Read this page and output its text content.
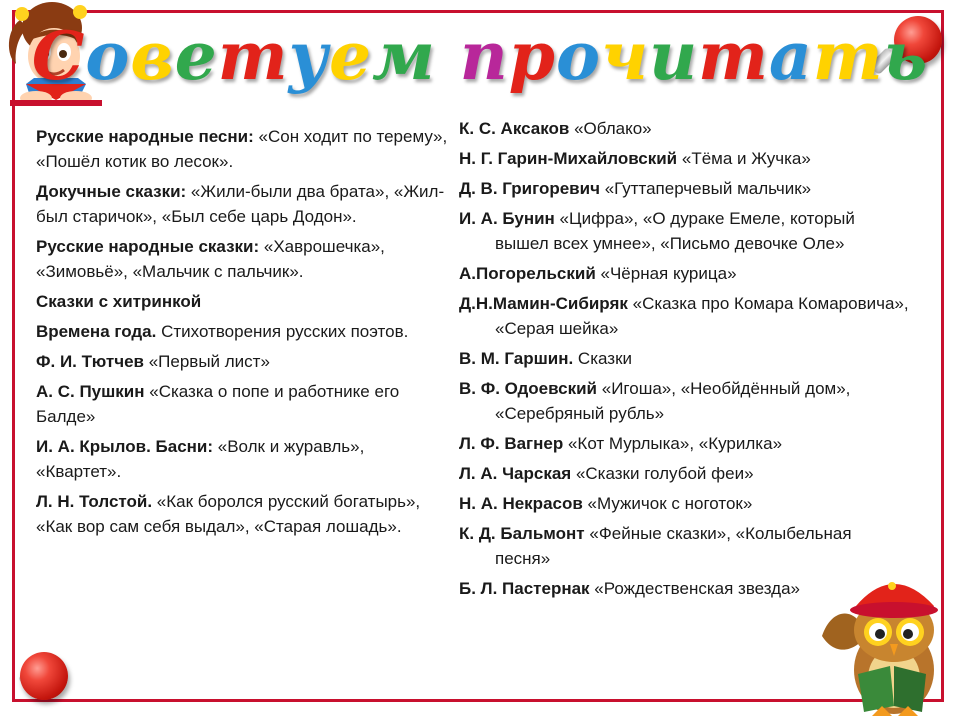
Советуем прочитать
Русские народные песни: «Сон ходит по терему», «Пошёл котик во лесок».
Докучные сказки: «Жили-были два брата», «Жил-был старичок», «Был себе царь Додон».
Русские народные сказки: «Хаврошечка», «Зимовьё», «Мальчик с пальчик».
Сказки с хитринкой
Времена года. Стихотворения русских поэтов.
Ф. И. Тютчев «Первый лист»
А. С. Пушкин «Сказка о попе и работнике его Балде»
И. А. Крылов. Басни: «Волк и журавль», «Квартет».
Л. Н. Толстой. «Как боролся русский богатырь», «Как вор сам себя выдал», «Старая лошадь».
К. С. Аксаков «Облако»
Н. Г. Гарин-Михайловский «Тёма и Жучка»
Д. В. Григоревич «Гуттаперчевый мальчик»
И. А. Бунин «Цифра», «О дураке Емеле, который вышел всех умнее», «Письмо девочке Оле»
А.Погорельский «Чёрная курица»
Д.Н.Мамин-Сибиряк «Сказка про Комара Комаровича», «Серая шейка»
В. М. Гаршин. Сказки
В. Ф. Одоевский «Игоша», «Необйдённый дом», «Серебряный рубль»
Л. Ф. Вагнер «Кот Мурлыка», «Курилка»
Л. А. Чарская «Сказки голубой феи»
Н. А. Некрасов «Мужичок с ноготок»
К. Д. Бальмонт «Фейные сказки», «Колыбельная песня»
Б. Л. Пастернак «Рождественская звезда»
